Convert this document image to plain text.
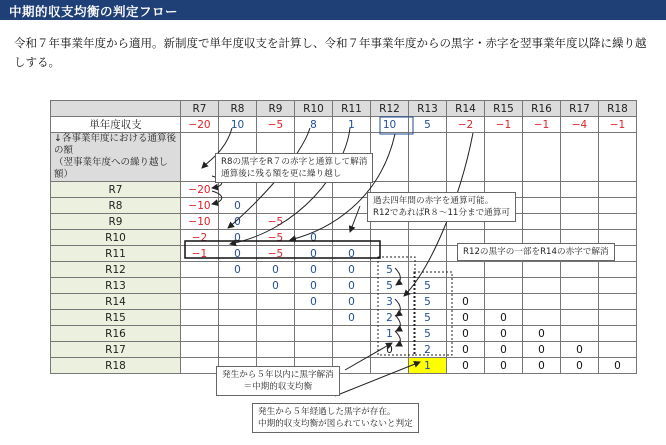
中期的収支均衡の判定フロー
令和７年事業年度から適用。新制度で単年度収支を計算し、令和７年事業年度からの黒字・赤字を翌事業年度以降に繰り越しする。
	R7	R8	R9	R10	R11	R12	R13	R14	R15	R16	R17	R18
単年度収支	−20	10	−5	8	1	10	5	−2	−1	−1	−4	−1
↓各事業年度における通算後の額
（翌事業年度への繰り越し額）												
R7	−20											
R8	−10	0										
R9	−10	0	−5									
R10	−2	0	−5	0								
R11	−1	0	−5	0	0							
R12		0	0	0	0	5						
R13			0	0	0	5	5					
R14				0	0	3	5	0				
R15					0	2	5	0	0			
R16						1	5	0	0	0		
R17						0	2	0	0	0	0	
R18							1	0	0	0	0	0
R8の黒字をR７の赤字と通算して解消
通算後に残る額を更に繰り越し
過去四年間の赤字を通算可能。
R12であればR８～11分まで通算可
R12の黒字の一部をR14の赤字で解消
発生から５年以内に黒字解消
＝中期的収支均衡
発生から５年経過した黒字が存在。
中期的収支均衡が図られていないと判定
